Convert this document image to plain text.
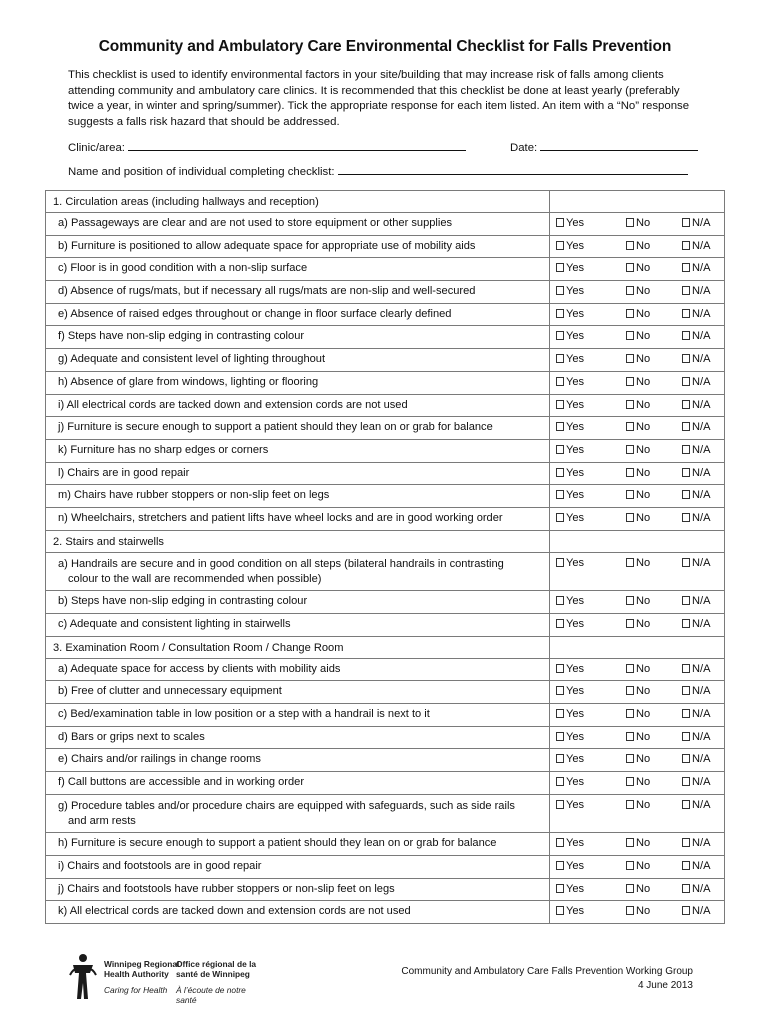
Community and Ambulatory Care Environmental Checklist for Falls Prevention
This checklist is used to identify environmental factors in your site/building that may increase risk of falls among clients attending community and ambulatory care clinics. It is recommended that this checklist be done at least yearly (preferably twice a year, in winter and spring/summer). Tick the appropriate response for each item listed. An item with a “No” response suggests a falls risk hazard that should be addressed.
Clinic/area:	Date:
Name and position of individual completing checklist:
1. Circulation areas (including hallways and reception)	
a) Passageways are clear and are not used to store equipment or other supplies	Yes No N/A

b) Furniture is positioned to allow adequate space for appropriate use of mobility aids	Yes No N/A

c) Floor is in good condition with a non-slip surface	Yes No N/A

d) Absence of rugs/mats, but if necessary all rugs/mats are non-slip and well-secured	Yes No N/A

e) Absence of raised edges throughout or change in floor surface clearly defined	Yes No N/A

f) Steps have non-slip edging in contrasting colour	Yes No N/A

g) Adequate and consistent level of lighting throughout	Yes No N/A

h) Absence of glare from windows, lighting or flooring	Yes No N/A

i) All electrical cords are tacked down and extension cords are not used	Yes No N/A

j) Furniture is secure enough to support a patient should they lean on or grab for balance	Yes No N/A

k) Furniture has no sharp edges or corners	Yes No N/A

l) Chairs are in good repair	Yes No N/A

m) Chairs have rubber stoppers or non-slip feet on legs	Yes No N/A

n) Wheelchairs, stretchers and patient lifts have wheel locks and are in good working order	Yes No N/A

2. Stairs and stairwells	
a) Handrails are secure and in good condition on all steps (bilateral handrails in contrasting
colour to the wall are recommended when possible)	Yes No N/A

b) Steps have non-slip edging in contrasting colour	Yes No N/A

c) Adequate and consistent lighting in stairwells	Yes No N/A

3. Examination Room / Consultation Room / Change Room	
a) Adequate space for access by clients with mobility aids	Yes No N/A

b) Free of clutter and unnecessary equipment	Yes No N/A

c) Bed/examination table in low position or a step with a handrail is next to it	Yes No N/A

d) Bars or grips next to scales	Yes No N/A

e) Chairs and/or railings in change rooms	Yes No N/A

f) Call buttons are accessible and in working order	Yes No N/A

g) Procedure tables and/or procedure chairs are equipped with safeguards, such as side rails
and arm rests	Yes No N/A

h) Furniture is secure enough to support a patient should they lean on or grab for balance	Yes No N/A

i) Chairs and footstools are in good repair	Yes No N/A

j) Chairs and footstools have rubber stoppers or non-slip feet on legs	Yes No N/A

k) All electrical cords are tacked down and extension cords are not used	Yes No N/A
Winnipeg Regional
Health Authority
Office régional de la
santé de Winnipeg
Caring for Health À l’écoute de notre santé
Community and Ambulatory Care Falls Prevention Working Group
4 June 2013
